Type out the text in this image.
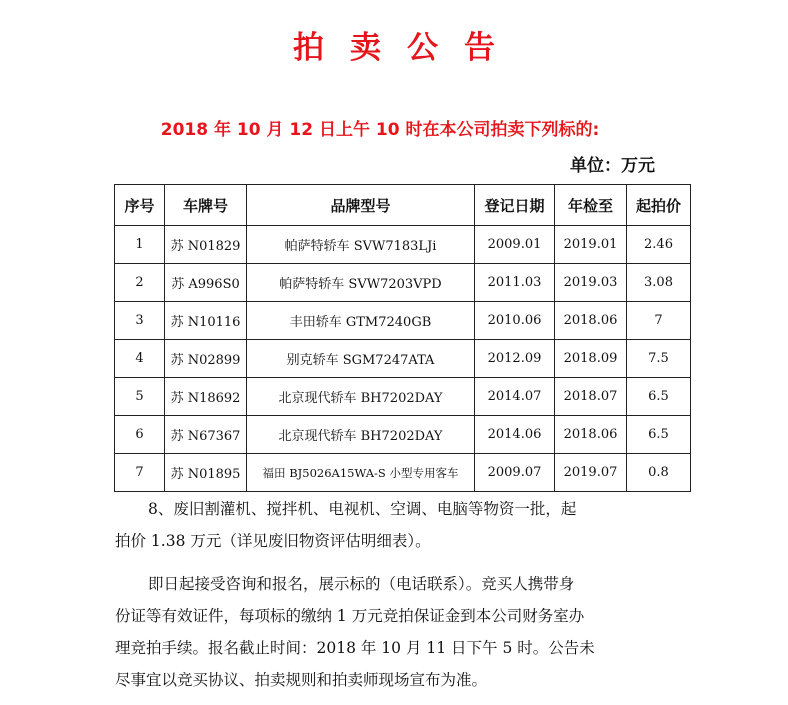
拍卖公告
2018 年 10 月 12 日上午 10 时在本公司拍卖下列标的:
单位：万元
序号	车牌号	品牌型号	登记日期	年检至	起拍价
1	苏 N01829	帕萨特轿车 SVW7183LJi	2009.01	2019.01	2.46
2	苏 A996S0	帕萨特轿车 SVW7203VPD	2011.03	2019.03	3.08
3	苏 N10116	丰田轿车 GTM7240GB	2010.06	2018.06	7
4	苏 N02899	别克轿车 SGM7247ATA	2012.09	2018.09	7.5
5	苏 N18692	北京现代轿车 BH7202DAY	2014.07	2018.07	6.5
6	苏 N67367	北京现代轿车 BH7202DAY	2014.06	2018.06	6.5
7	苏 N01895	福田 BJ5026A15WA-S 小型专用客车	2009.07	2019.07	0.8
8、废旧割灌机、搅拌机、电视机、空调、电脑等物资一批，起
拍价 1.38 万元（详见废旧物资评估明细表）。
即日起接受咨询和报名，展示标的（电话联系）。竞买人携带身
份证等有效证件，每项标的缴纳 1 万元竞拍保证金到本公司财务室办
理竞拍手续。报名截止时间：2018 年 10 月 11 日下午 5 时。公告未
尽事宜以竞买协议、拍卖规则和拍卖师现场宣布为准。
